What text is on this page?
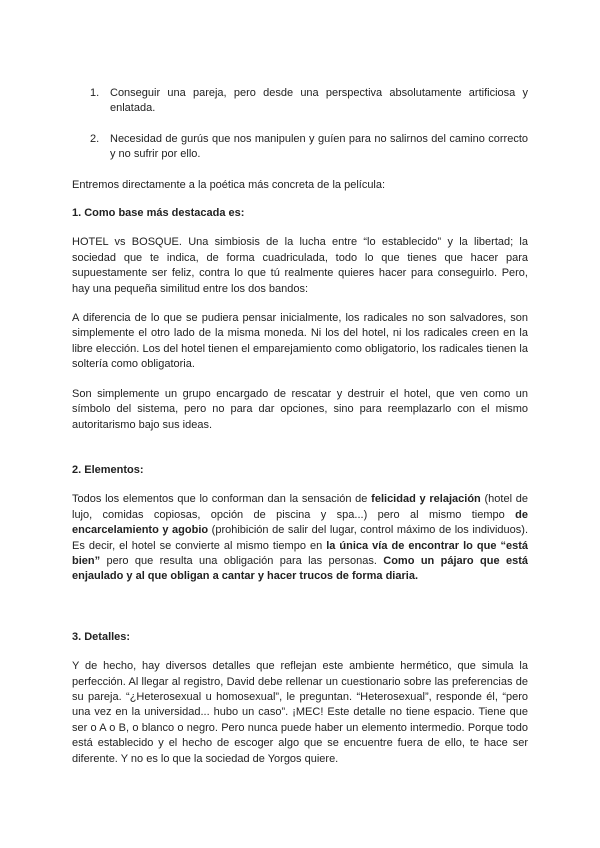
1. Conseguir una pareja, pero desde una perspectiva absolutamente artificiosa y enlatada.
2. Necesidad de gurús que nos manipulen y guíen para no salirnos del camino correcto y no sufrir por ello.

Entremos directamente a la poética más concreta de la película:

1. Como base más destacada es:

HOTEL vs BOSQUE. Una simbiosis de la lucha entre “lo establecido” y la libertad; la sociedad que te indica, de forma cuadriculada, todo lo que tienes que hacer para supuestamente ser feliz, contra lo que tú realmente quieres hacer para conseguirlo. Pero, hay una pequeña similitud entre los dos bandos:

A diferencia de lo que se pudiera pensar inicialmente, los radicales no son salvadores, son simplemente el otro lado de la misma moneda. Ni los del hotel, ni los radicales creen en la libre elección. Los del hotel tienen el emparejamiento como obligatorio, los radicales tienen la soltería como obligatoria.

Son simplemente un grupo encargado de rescatar y destruir el hotel, que ven como un símbolo del sistema, pero no para dar opciones, sino para reemplazarlo con el mismo autoritarismo bajo sus ideas.

2. Elementos:

Todos los elementos que lo conforman dan la sensación de felicidad y relajación (hotel de lujo, comidas copiosas, opción de piscina y spa...) pero al mismo tiempo de encarcelamiento y agobio (prohibición de salir del lugar, control máximo de los individuos). Es decir, el hotel se convierte al mismo tiempo en la única vía de encontrar lo que “está bien” pero que resulta una obligación para las personas. Como un pájaro que está enjaulado y al que obligan a cantar y hacer trucos de forma diaria.

3. Detalles:

Y de hecho, hay diversos detalles que reflejan este ambiente hermético, que simula la perfección. Al llegar al registro, David debe rellenar un cuestionario sobre las preferencias de su pareja. “¿Heterosexual u homosexual”, le preguntan. “Heterosexual”, responde él, “pero una vez en la universidad... hubo un caso”. ¡MEC! Este detalle no tiene espacio. Tiene que ser o A o B, o blanco o negro. Pero nunca puede haber un elemento intermedio. Porque todo está establecido y el hecho de escoger algo que se encuentre fuera de ello, te hace ser diferente. Y no es lo que la sociedad de Yorgos quiere.
